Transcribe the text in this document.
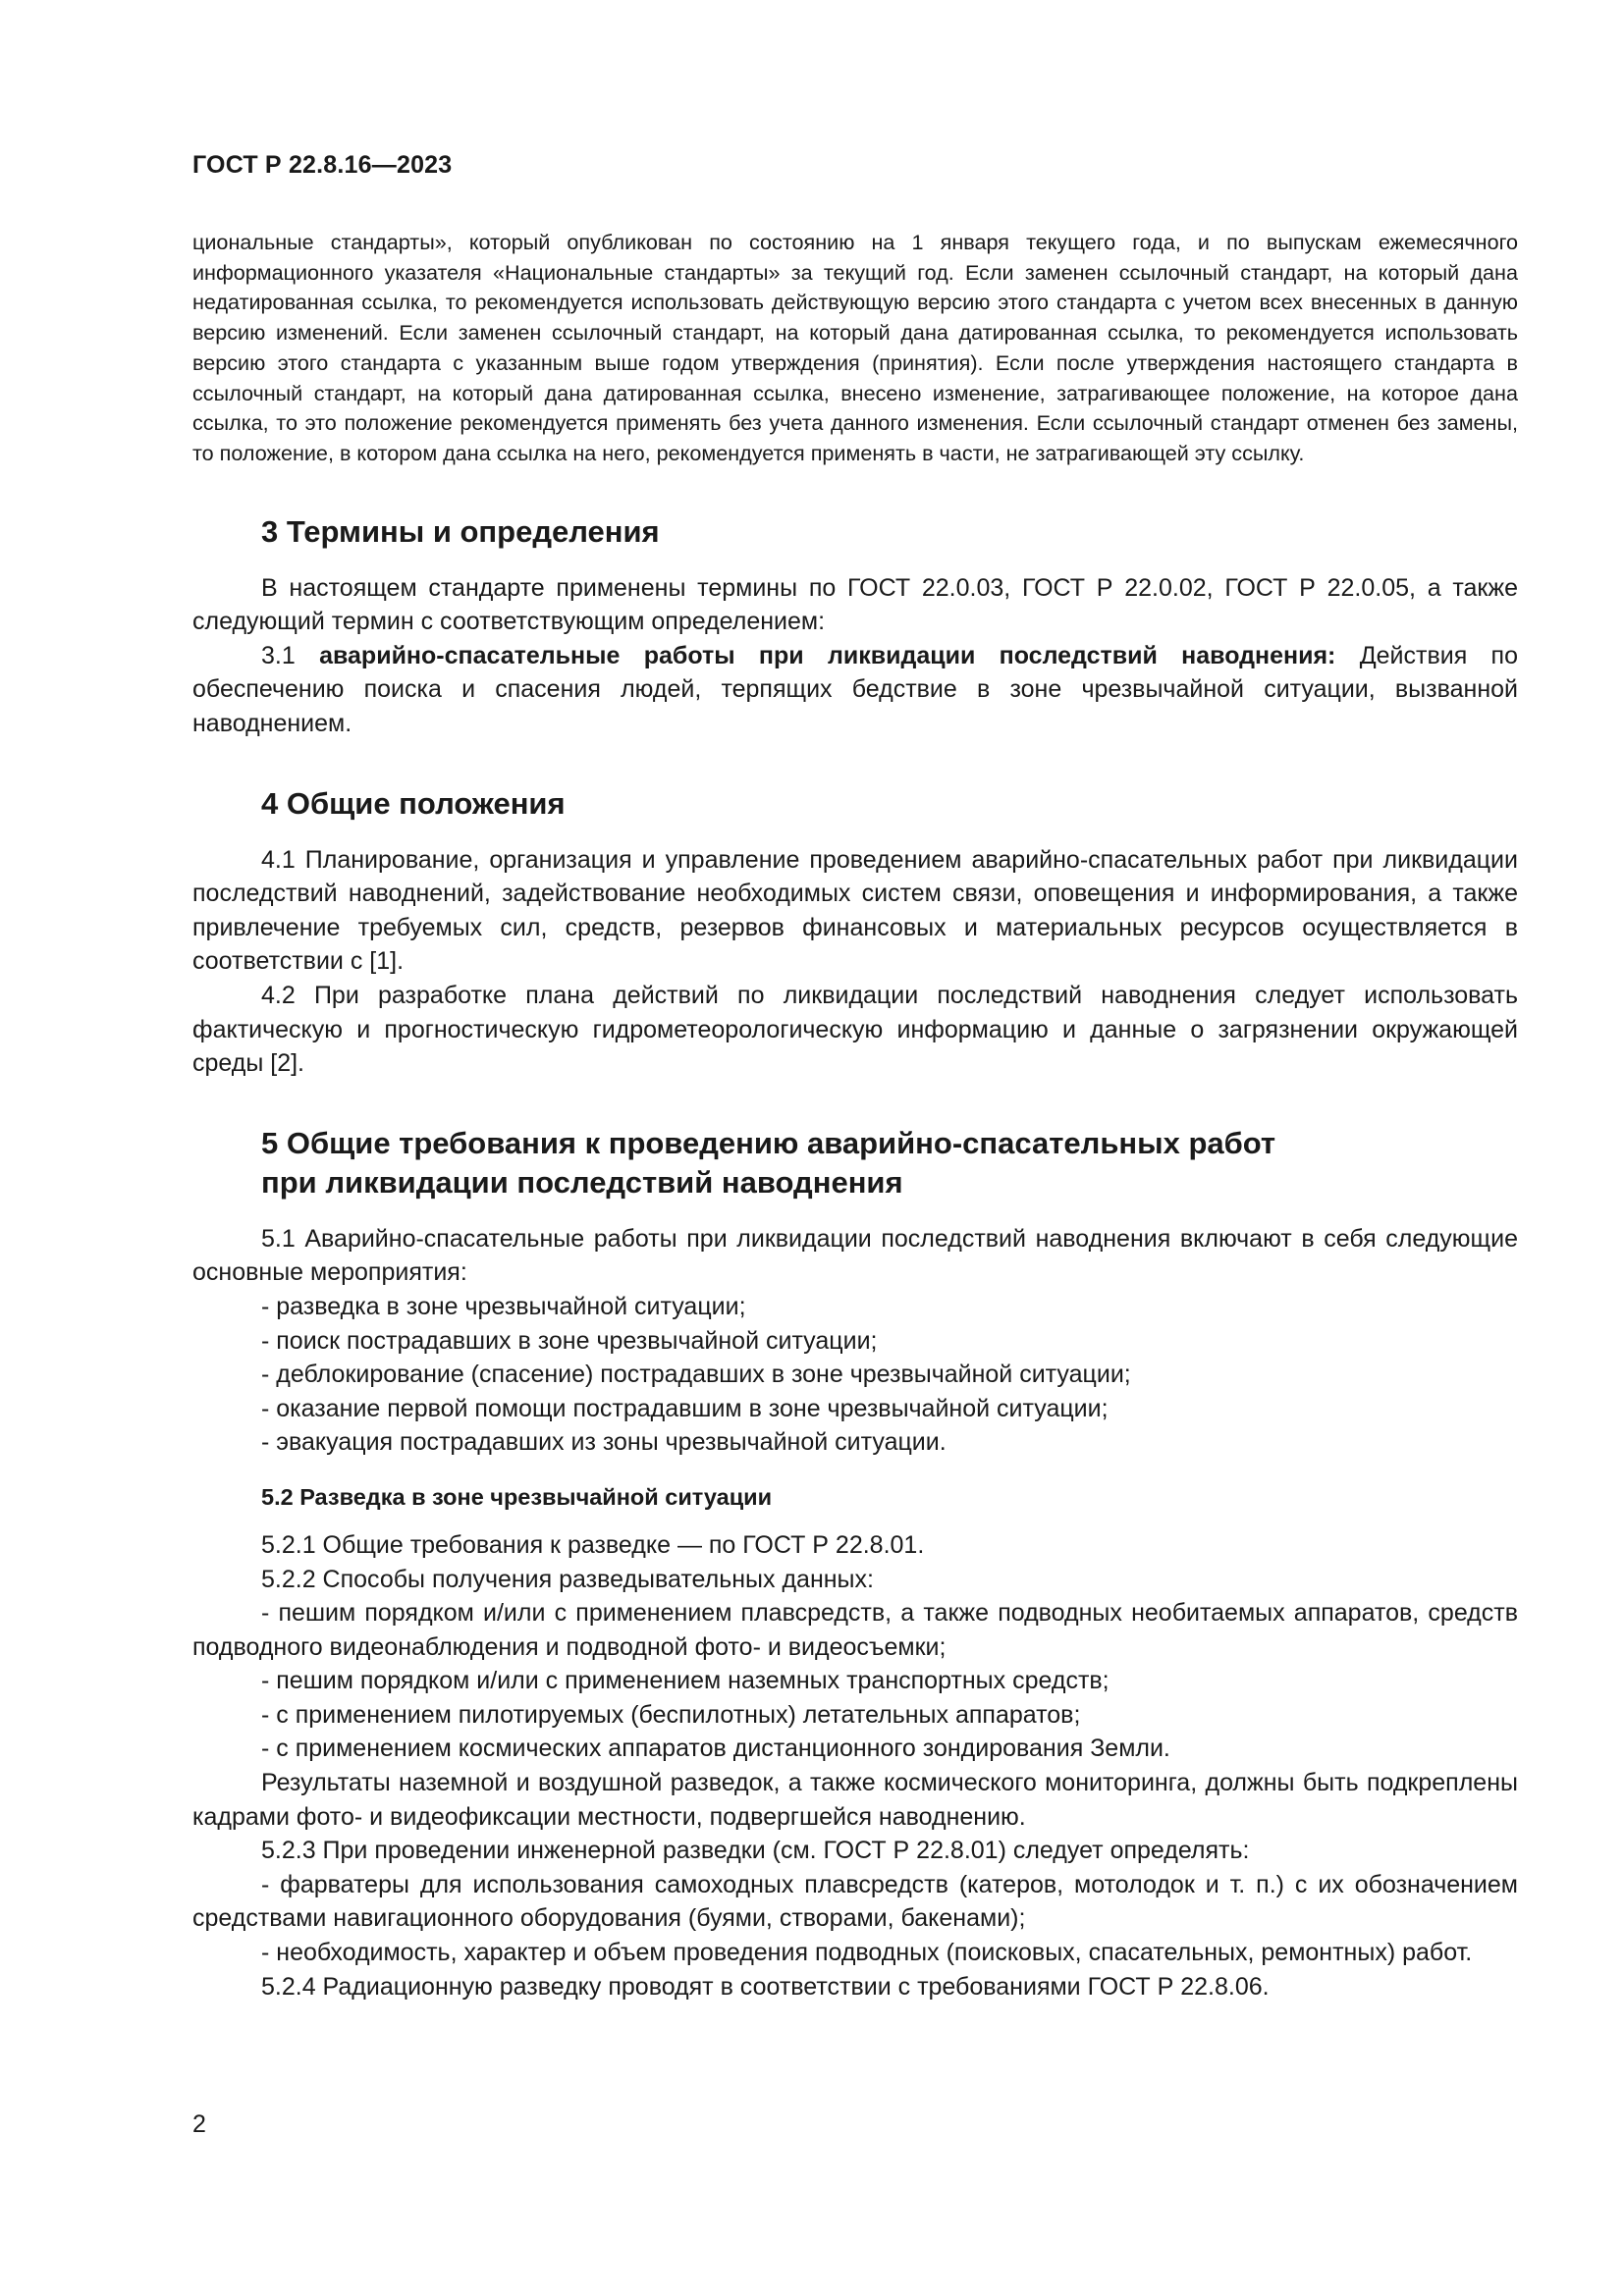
ГОСТ Р 22.8.16—2023

циональные стандарты», который опубликован по состоянию на 1 января текущего года, и по выпускам ежемесячного информационного указателя «Национальные стандарты» за текущий год. Если заменен ссылочный стандарт, на который дана недатированная ссылка, то рекомендуется использовать действующую версию этого стандарта с учетом всех внесенных в данную версию изменений. Если заменен ссылочный стандарт, на который дана датированная ссылка, то рекомендуется использовать версию этого стандарта с указанным выше годом утверждения (принятия). Если после утверждения настоящего стандарта в ссылочный стандарт, на который дана датированная ссылка, внесено изменение, затрагивающее положение, на которое дана ссылка, то это положение рекомендуется применять без учета данного изменения. Если ссылочный стандарт отменен без замены, то положение, в котором дана ссылка на него, рекомендуется применять в части, не затрагивающей эту ссылку.

3 Термины и определения

В настоящем стандарте применены термины по ГОСТ 22.0.03, ГОСТ Р 22.0.02, ГОСТ Р 22.0.05, а также следующий термин с соответствующим определением:

3.1 аварийно-спасательные работы при ликвидации последствий наводнения: Действия по обеспечению поиска и спасения людей, терпящих бедствие в зоне чрезвычайной ситуации, вызванной наводнением.

4 Общие положения

4.1 Планирование, организация и управление проведением аварийно-спасательных работ при ликвидации последствий наводнений, задействование необходимых систем связи, оповещения и информирования, а также привлечение требуемых сил, средств, резервов финансовых и материальных ресурсов осуществляется в соответствии с [1].

4.2 При разработке плана действий по ликвидации последствий наводнения следует использовать фактическую и прогностическую гидрометеорологическую информацию и данные о загрязнении окружающей среды [2].

5 Общие требования к проведению аварийно-спасательных работ
при ликвидации последствий наводнения

5.1 Аварийно-спасательные работы при ликвидации последствий наводнения включают в себя следующие основные мероприятия:

- разведка в зоне чрезвычайной ситуации;

- поиск пострадавших в зоне чрезвычайной ситуации;

- деблокирование (спасение) пострадавших в зоне чрезвычайной ситуации;

- оказание первой помощи пострадавшим в зоне чрезвычайной ситуации;

- эвакуация пострадавших из зоны чрезвычайной ситуации.

5.2 Разведка в зоне чрезвычайной ситуации

5.2.1 Общие требования к разведке — по ГОСТ Р 22.8.01.

5.2.2 Способы получения разведывательных данных:

- пешим порядком и/или с применением плавсредств, а также подводных необитаемых аппаратов, средств подводного видеонаблюдения и подводной фото- и видеосъемки;

- пешим порядком и/или с применением наземных транспортных средств;

- с применением пилотируемых (беспилотных) летательных аппаратов;

- с применением космических аппаратов дистанционного зондирования Земли.

Результаты наземной и воздушной разведок, а также космического мониторинга, должны быть подкреплены кадрами фото- и видеофиксации местности, подвергшейся наводнению.

5.2.3 При проведении инженерной разведки (см. ГОСТ Р 22.8.01) следует определять:

- фарватеры для использования самоходных плавсредств (катеров, мотолодок и т. п.) с их обозначением средствами навигационного оборудования (буями, створами, бакенами);

- необходимость, характер и объем проведения подводных (поисковых, спасательных, ремонтных) работ.

5.2.4 Радиационную разведку проводят в соответствии с требованиями ГОСТ Р 22.8.06.

2
